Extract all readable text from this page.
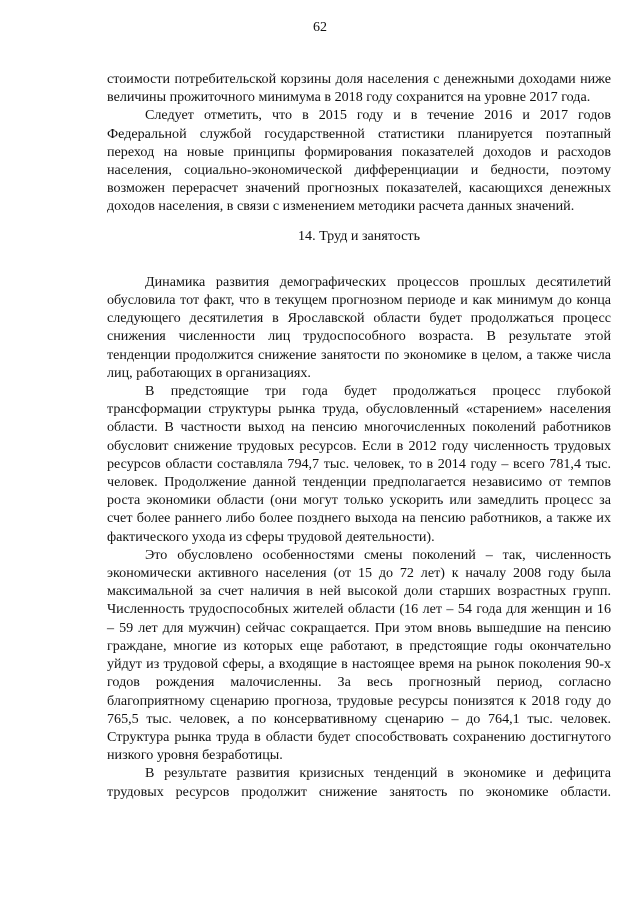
62

стоимости потребительской корзины доля населения с денежными доходами ниже величины прожиточного минимума в 2018 году сохранится на уровне 2017 года.

Следует отметить, что в 2015 году и в течение 2016 и 2017 годов Федеральной службой государственной статистики планируется поэтапный переход на новые принципы формирования показателей доходов и расходов населения, социально-экономической дифференциации и бедности, поэтому возможен перерасчет значений прогнозных показателей, касающихся денежных доходов населения, в связи с изменением методики расчета данных значений.

14. Труд и занятость

Динамика развития демографических процессов прошлых десятилетий обусловила тот факт, что в текущем прогнозном периоде и как минимум до конца следующего десятилетия в Ярославской области будет продолжаться процесс снижения численности лиц трудоспособного возраста. В результате этой тенденции продолжится снижение занятости по экономике в целом, а также числа лиц, работающих в организациях.

В предстоящие три года будет продолжаться процесс глубокой трансформации структуры рынка труда, обусловленный «старением» населения области. В частности выход на пенсию многочисленных поколений работников обусловит снижение трудовых ресурсов. Если в 2012 году численность трудовых ресурсов области составляла 794,7 тыс. человек, то в 2014 году – всего 781,4 тыс. человек. Продолжение данной тенденции предполагается независимо от темпов роста экономики области (они могут только ускорить или замедлить процесс за счет более раннего либо более позднего выхода на пенсию работников, а также их фактического ухода из сферы трудовой деятельности).

Это обусловлено особенностями смены поколений – так, численность экономически активного населения (от 15 до 72 лет) к началу 2008 году была максимальной за счет наличия в ней высокой доли старших возрастных групп. Численность трудоспособных жителей области (16 лет – 54 года для женщин и 16 – 59 лет для мужчин) сейчас сокращается. При этом вновь вышедшие на пенсию граждане, многие из которых еще работают, в предстоящие годы окончательно уйдут из трудовой сферы, а входящие в настоящее время на рынок поколения 90-х годов рождения малочисленны. За весь прогнозный период, согласно благоприятному сценарию прогноза, трудовые ресурсы понизятся к 2018 году до 765,5 тыс. человек, а по консервативному сценарию – до 764,1 тыс. человек. Структура рынка труда в области будет способствовать сохранению достигнутого низкого уровня безработицы.

В результате развития кризисных тенденций в экономике и дефицита трудовых ресурсов продолжит снижение занятость по экономике области.
